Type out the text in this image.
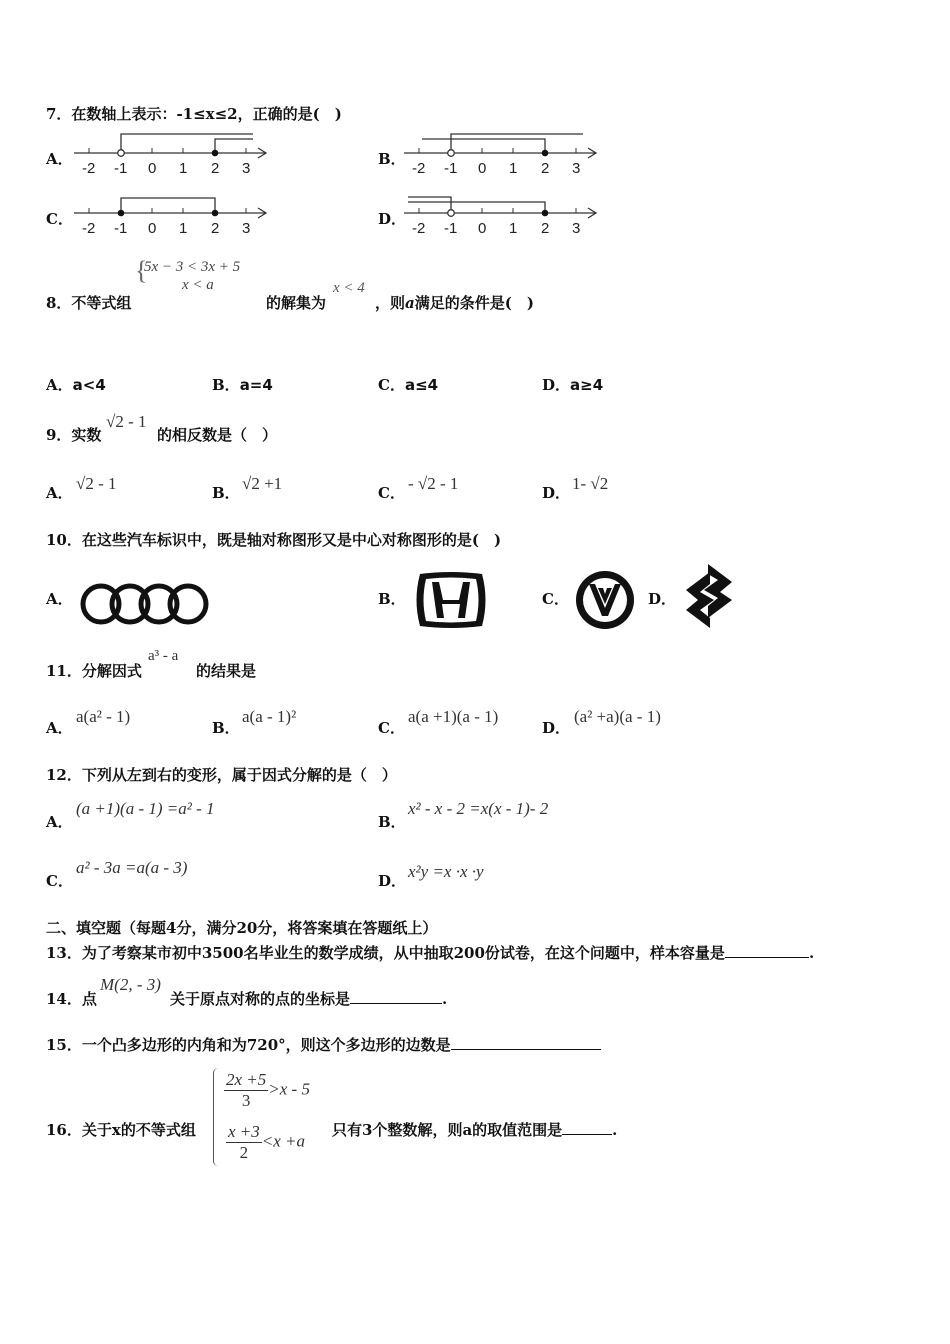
7．在数轴上表示：-1≤x≤2，正确的是(　)
A．
-2 -1 0 1 2 3
B．
-2 -1 0 1 2 3
C．
-2 -1 0 1 2 3
D．
-2 -1 0 1 2 3
{
5x − 3 < 3x + 5
x < a
8．不等式组	的解集为
x < 4
，则a满足的条件是(　)
A．a<4	B．a=4	C．a≤4	D．a≥4
9．实数
√2 - 1
的相反数是（　）
A． √2 - 1	B． √2 +1	C． - √2 - 1	D． 1- √2
10．在这些汽车标识中，既是轴对称图形又是中心对称图形的是(　)
A．	B．	C．	D．
11．分解因式
a³ - a
的结果是
A．
a(a² - 1)
B．
a(a - 1)²
C．
a(a +1)(a - 1)
D．
(a² +a)(a - 1)
12．下列从左到右的变形，属于因式分解的是（　）
A．
(a +1)(a - 1) =a² - 1
B．
x² - x - 2 =x(x - 1)- 2
C．
a² - 3a =a(a - 3)
D． x²y =x ·x ·y
二、填空题（每题4分，满分20分，将答案填在答题纸上）
13．为了考察某市初中3500名毕业生的数学成绩，从中抽取200份试卷，在这个问题中，样本容量是	.
14．点
M(2, - 3)
关于原点对称的点的坐标是	.
15．一个凸多边形的内角和为720°，则这个多边形的边数是
16．关于x的不等式组
$\frac{2x +5}{3} >x - 5$
$\frac{x +3}{2} <x +a$
只有3个整数解，则a的取值范围是	.
